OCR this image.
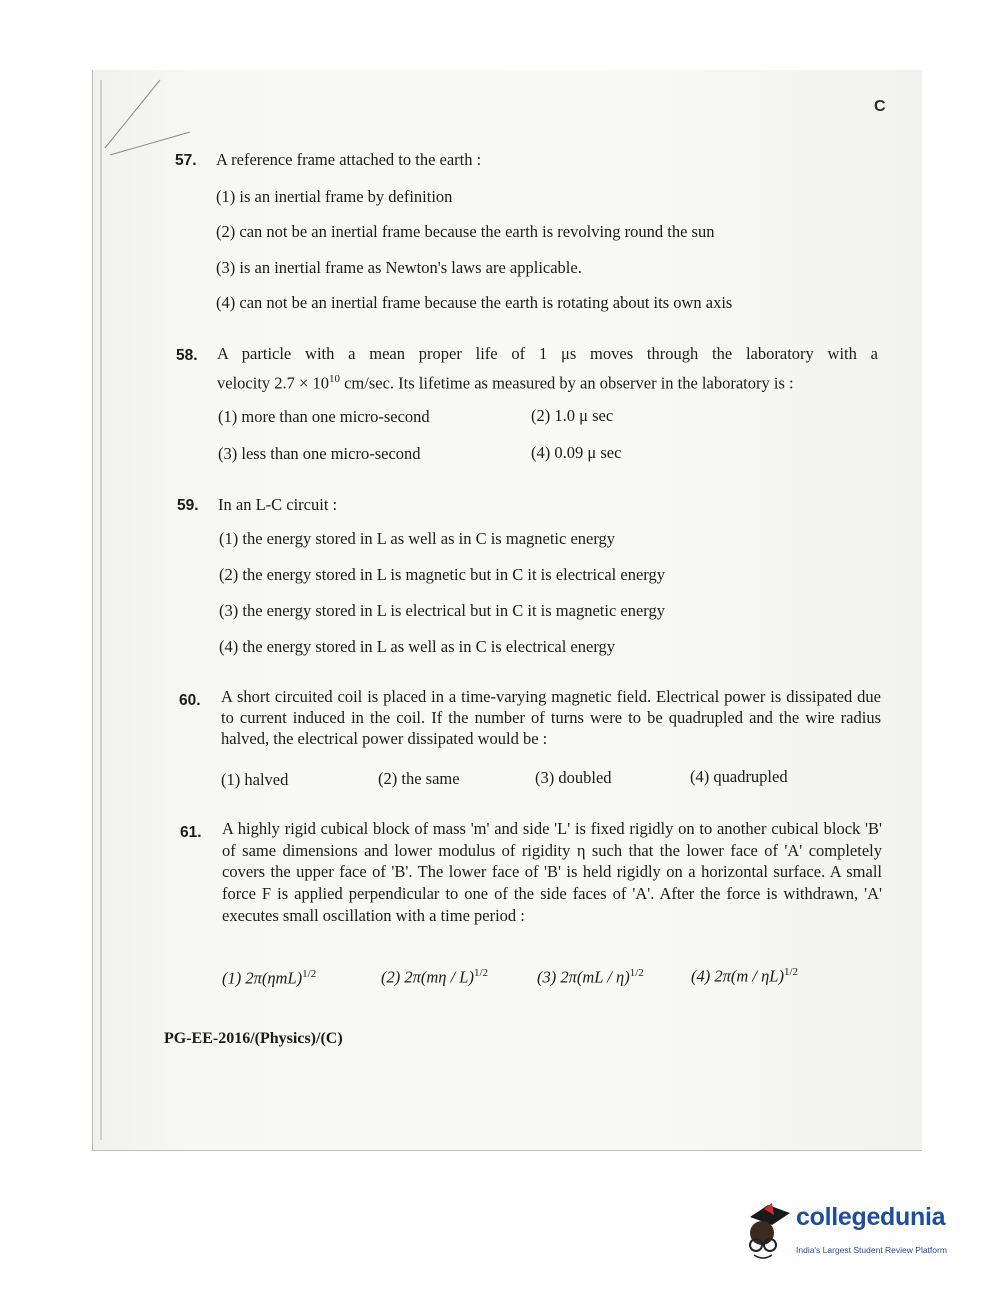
C
57. A reference frame attached to the earth :
(1) is an inertial frame by definition
(2) can not be an inertial frame because the earth is revolving round the sun
(3) is an inertial frame as Newton's laws are applicable.
(4) can not be an inertial frame because the earth is rotating about its own axis
58. A particle with a mean proper life of 1 μs moves through the laboratory with a
velocity $2.7 \times 10^{10}$ cm/sec. Its lifetime as measured by an observer in the laboratory is :
(1) more than one micro-second	(2) 1.0 μ sec
(3) less than one micro-second	(4) 0.09 μ sec
59. In an L-C circuit :
(1) the energy stored in L as well as in C is magnetic energy
(2) the energy stored in L is magnetic but in C it is electrical energy
(3) the energy stored in L is electrical but in C it is magnetic energy
(4) the energy stored in L as well as in C is electrical energy
60. A short circuited coil is placed in a time-varying magnetic field. Electrical power is dissipated due to current induced in the coil. If the number of turns were to be quadrupled and the wire radius halved, the electrical power dissipated would be :
(1) halved	(2) the same	(3) doubled	(4) quadrupled
61. A highly rigid cubical block of mass 'm' and side 'L' is fixed rigidly on to another cubical block 'B' of same dimensions and lower modulus of rigidity η such that the lower face of 'A' completely covers the upper face of 'B'. The lower face of 'B' is held rigidly on a horizontal surface. A small force F is applied perpendicular to one of the side faces of 'A'. After the force is withdrawn, 'A' executes small oscillation with a time period :
(1) $2\pi(\eta mL)^{1/2}$	(2) 2π(mη / L)$^{1/2}$	(3) 2π(mL / η)$^{1/2}$	(4) 2π(m / ηL)$^{1/2}$
PG-EE-2016/(Physics)/(C)
collegedunia
India's Largest Student Review Platform
